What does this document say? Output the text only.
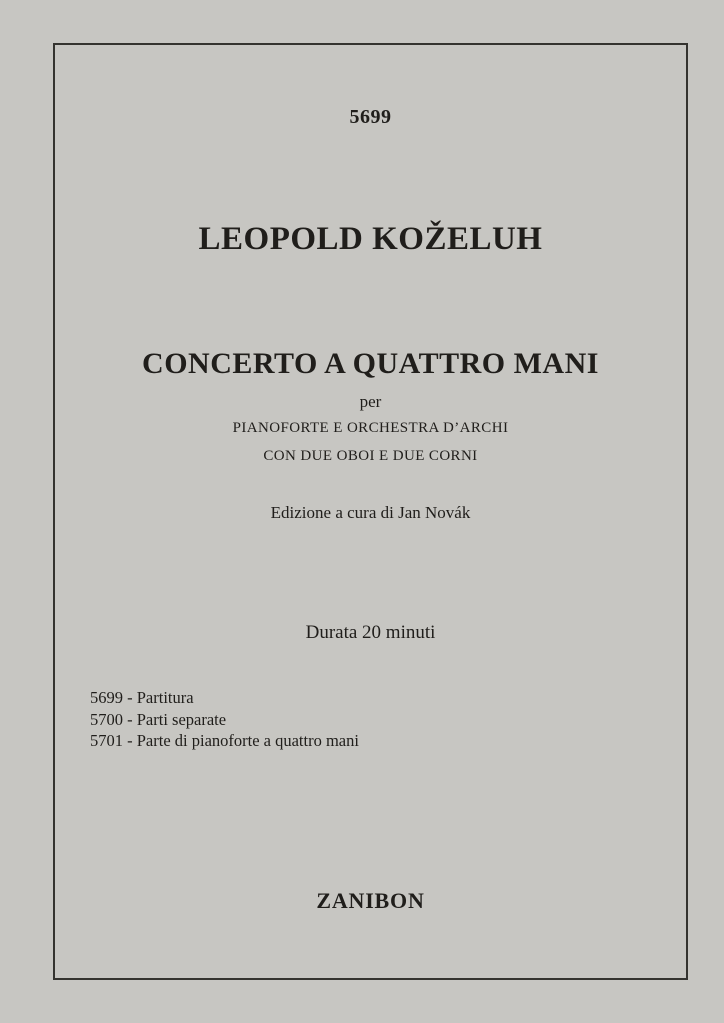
5699
LEOPOLD KOŽELUH
CONCERTO A QUATTRO MANI
per
PIANOFORTE E ORCHESTRA D’ARCHI
CON DUE OBOI E DUE CORNI
Edizione a cura di Jan Novák
Durata 20 minuti
5699 - Partitura
5700 - Parti separate
5701 - Parte di pianoforte a quattro mani
ZANIBON
